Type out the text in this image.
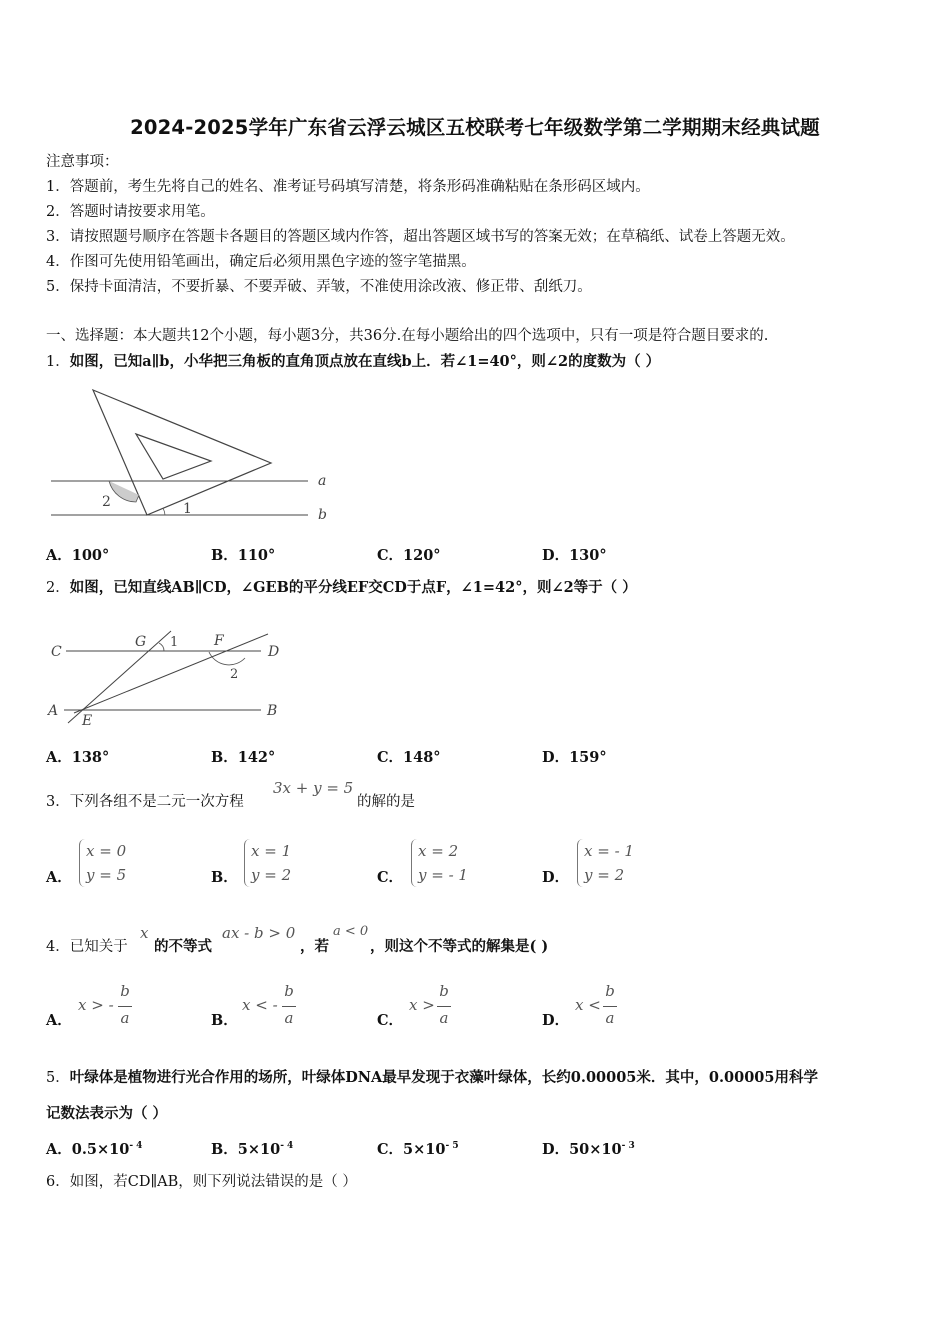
2024-2025学年广东省云浮云城区五校联考七年级数学第二学期期末经典试题
注意事项：
1．答题前，考生先将自己的姓名、准考证号码填写清楚，将条形码准确粘贴在条形码区域内。
2．答题时请按要求用笔。
3．请按照题号顺序在答题卡各题目的答题区域内作答，超出答题区域书写的答案无效；在草稿纸、试卷上答题无效。
4．作图可先使用铅笔画出，确定后必须用黑色字迹的签字笔描黑。
5．保持卡面清洁，不要折暴、不要弄破、弄皱，不准使用涂改液、修正带、刮纸刀。
一、选择题：本大题共12个小题，每小题3分，共36分.在每小题给出的四个选项中，只有一项是符合题目要求的.
1．如图，已知a∥b，小华把三角板的直角顶点放在直线b上．若∠1=40°，则∠2的度数为（ ）
a
b
2	1
A．100°	B．110°	C．120°	D．130°
2．如图，已知直线AB∥CD，∠GEB的平分线EF交CD于点F，∠1=42°，则∠2等于（ ）
C
G 1	F
D
2
A
E
B
A．138°	B．142°	C．148°	D．159°
3．下列各组不是二元一次方程
3x + y = 5
的解的是
A．
x = 0
y = 5	B．
x = 1
y = 2	C．
x = 2
y = - 1	D．
x = - 1
y = 2
4．已知关于
x
的不等式
ax - b > 0
，若
a < 0
，则这个不等式的解集是( )
A．
x > -
b
a	B．
x < -
b
a	C．
x >
b
a	D．
x <
b
a
5．叶绿体是植物进行光合作用的场所，叶绿体DNA最早发现于衣藻叶绿体，长约0.00005米．其中，0.00005用科学
记数法表示为（ ）
A．$0.5\times 10^{- 4}$	B．$5\times 10^{- 4}$	C．$5\times 10^{- 5}$	D．$50\times 10^{- 3}$
6．如图，若CD∥AB，则下列说法错误的是（ ）
